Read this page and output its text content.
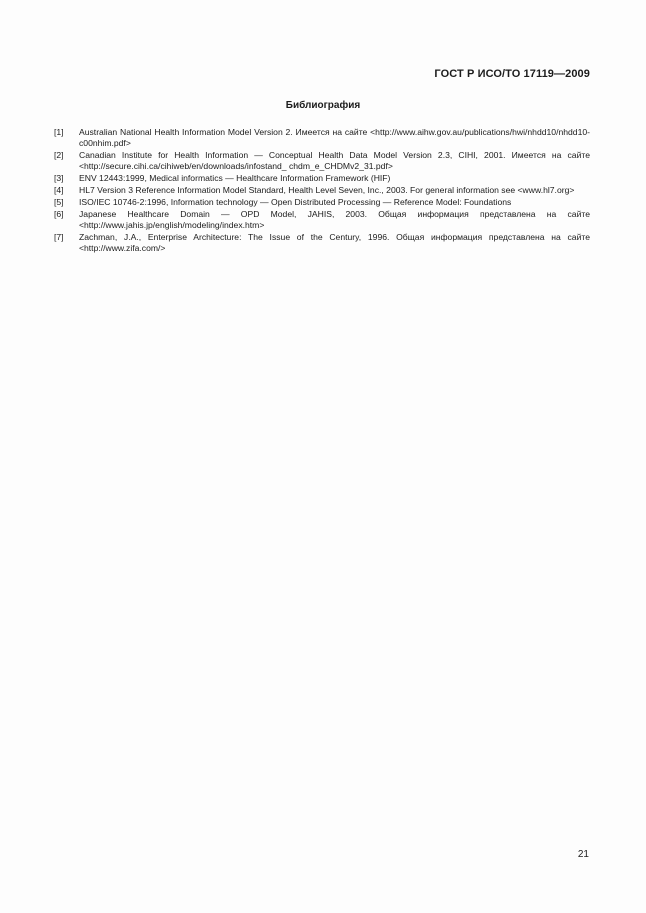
ГОСТ Р ИСО/ТО 17119—2009
Библиография
[1]	Australian National Health Information Model Version 2. Имеется на сайте <http://www.aihw.gov.au/publications/hwi/nhdd10/nhdd10-c00nhim.pdf>
[2]	Canadian Institute for Health Information — Conceptual Health Data Model Version 2.3, CIHI, 2001. Имеется на сайте <http://secure.cihi.ca/cihiweb/en/downloads/infostand_ chdm_e_CHDMv2_31.pdf>
[3]	ENV 12443:1999, Medical informatics — Healthcare Information Framework (HIF)
[4]	HL7 Version 3 Reference Information Model Standard, Health Level Seven, Inc., 2003. For general information see <www.hl7.org>
[5]	ISO/IEC 10746-2:1996, Information technology — Open Distributed Processing — Reference Model: Foundations
[6]	Japanese Healthcare Domain — OPD Model, JAHIS, 2003. Общая информация представлена на сайте <http://www.jahis.jp/english/modeling/index.htm>
[7]	Zachman, J.A., Enterprise Architecture: The Issue of the Century, 1996. Общая информация представлена на сайте <http://www.zifa.com/>
21
